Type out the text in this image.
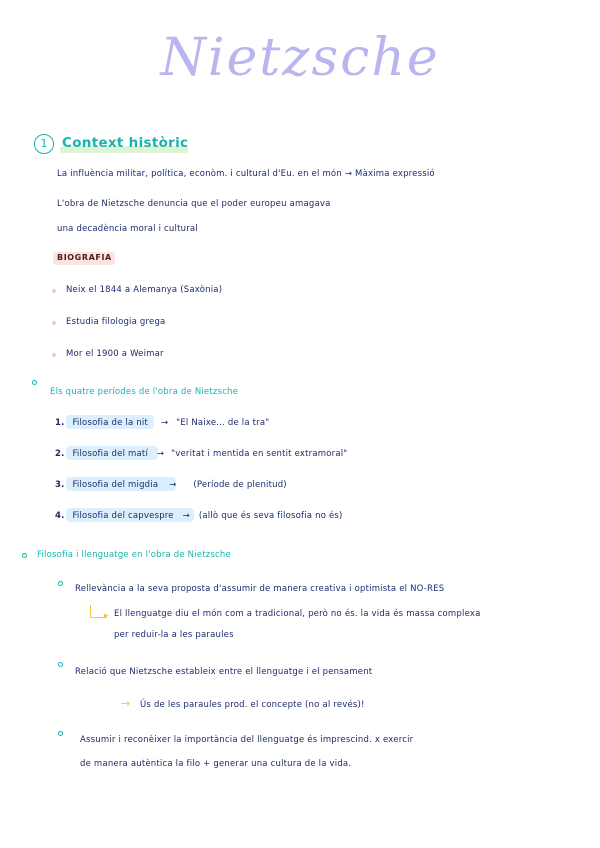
Nietzsche
1	Context històric
La influència militar, política, econòm. i cultural d'Eu. en el món → Màxima expressió
L'obra de Nietzsche denuncia que el poder europeu amagava
una decadència moral i cultural
BIOGRAFIA
Neix el 1844 a Alemanya (Saxònia)
Estudia filologia grega
Mor el 1900 a Weimar
Els quatre períodes de l'obra de Nietzsche
1. Filosofia de la nit → "El Naixe... de la tra"
2. Filosofia del matí → "veritat i mentida en sentit extramoral"
3. Filosofia del migdia → (Període de plenitud)
4. Filosofia del capvespre → (allò que és seva filosofia no és)
Filosofia i llenguatge en l'obra de Nietzsche
Rellevància a la seva proposta d'assumir de manera creativa i optimista el NO-RES
▸ El llenguatge diu el món com a tradicional, però no és. la vida és massa complexa
per reduir-la a les paraules
Relació que Nietzsche estableix entre el llenguatge i el pensament
→ Ús de les paraules prod. el concepte (no al revés)!
Assumir i reconèixer la importància del llenguatge és imprescind. x exercir
de manera autèntica la filo + generar una cultura de la vida.
